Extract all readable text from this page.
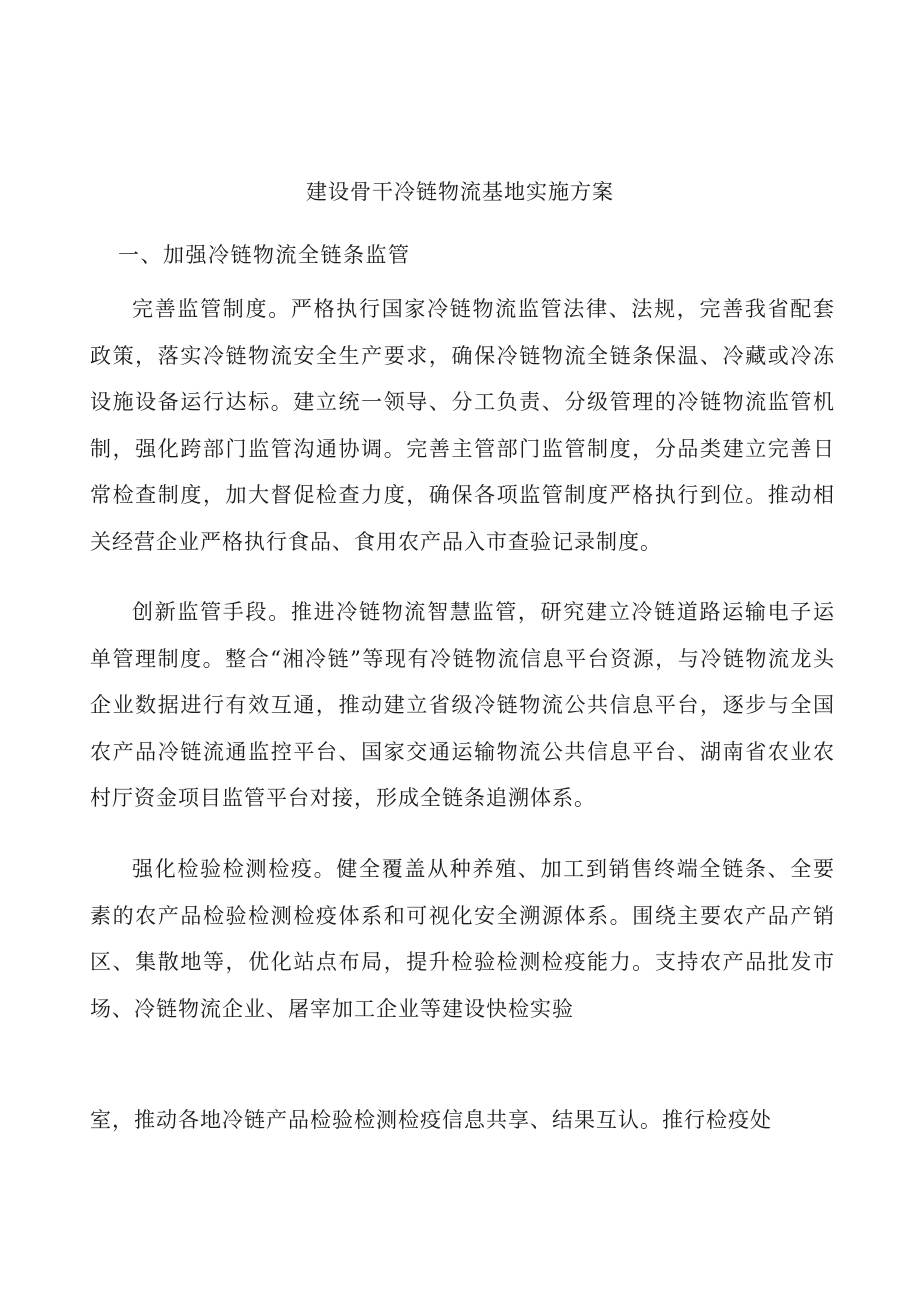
建设骨干冷链物流基地实施方案
一、加强冷链物流全链条监管

完善监管制度。严格执行国家冷链物流监管法律、法规，完善我省配套政策，落实冷链物流安全生产要求，确保冷链物流全链条保温、冷藏或冷冻设施设备运行达标。建立统一领导、分工负责、分级管理的冷链物流监管机制，强化跨部门监管沟通协调。完善主管部门监管制度，分品类建立完善日常检查制度，加大督促检查力度，确保各项监管制度严格执行到位。推动相关经营企业严格执行食品、食用农产品入市查验记录制度。

创新监管手段。推进冷链物流智慧监管，研究建立冷链道路运输电子运单管理制度。整合“湘冷链”等现有冷链物流信息平台资源，与冷链物流龙头企业数据进行有效互通，推动建立省级冷链物流公共信息平台，逐步与全国农产品冷链流通监控平台、国家交通运输物流公共信息平台、湖南省农业农村厅资金项目监管平台对接，形成全链条追溯体系。

强化检验检测检疫。健全覆盖从种养殖、加工到销售终端全链条、全要素的农产品检验检测检疫体系和可视化安全溯源体系。围绕主要农产品产销区、集散地等，优化站点布局，提升检验检测检疫能力。支持农产品批发市场、冷链物流企业、屠宰加工企业等建设快检实验

室，推动各地冷链产品检验检测检疫信息共享、结果互认。推行检疫处
